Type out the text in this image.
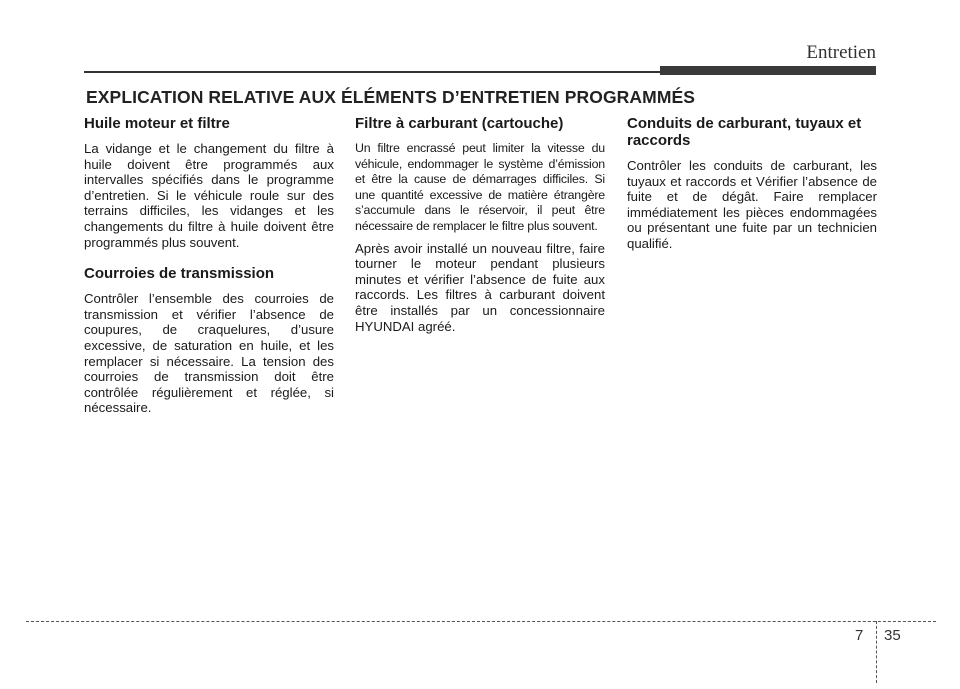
Entretien
EXPLICATION RELATIVE AUX ÉLÉMENTS D’ENTRETIEN PROGRAMMÉS
Huile moteur et filtre

La vidange et le changement du filtre à huile doivent être programmés aux intervalles spécifiés dans le programme d’entretien. Si le véhicule roule sur des terrains difficiles, les vidanges et les changements du filtre à huile doivent être programmés plus souvent.

Courroies de transmission

Contrôler l’ensemble des courroies de transmission et vérifier l’absence de coupures, de craquelures, d’usure excessive, de saturation en huile, et les remplacer si nécessaire. La tension des courroies de transmission doit être contrôlée régulièrement et réglée, si nécessaire.

Filtre à carburant (cartouche)

Un filtre encrassé peut limiter la vitesse du véhicule, endommager le système d’émission et être la cause de démarrages difficiles. Si une quantité excessive de matière étrangère s’accumule dans le réservoir, il peut être nécessaire de remplacer le filtre plus souvent.

Après avoir installé un nouveau filtre, faire tourner le moteur pendant plusieurs minutes et vérifier l’absence de fuite aux raccords. Les filtres à carburant doivent être installés par un concessionnaire HYUNDAI agréé.

Conduits de carburant, tuyaux et raccords

Contrôler les conduits de carburant, les tuyaux et raccords et Vérifier l’absence de fuite et de dégât. Faire remplacer immédiatement les pièces endommagées ou présentant une fuite par un technicien qualifié.

7 35
